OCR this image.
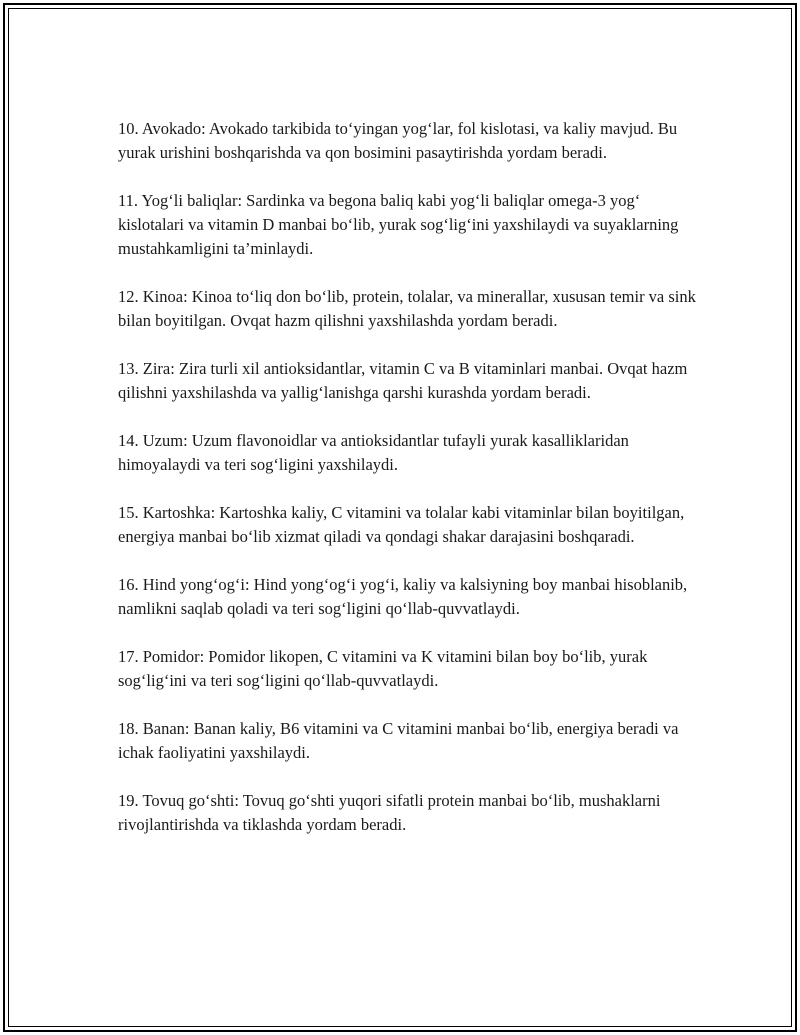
10. Avokado: Avokado tarkibida to‘yingan yog‘lar, fol kislotasi, va kaliy mavjud. Bu yurak urishini boshqarishda va qon bosimini pasaytirishda yordam beradi.

11. Yog‘li baliqlar: Sardinka va begona baliq kabi yog‘li baliqlar omega-3 yog‘ kislotalari va vitamin D manbai bo‘lib, yurak sog‘lig‘ini yaxshilaydi va suyaklarning mustahkamligini ta’minlaydi.

12. Kinoa: Kinoa to‘liq don bo‘lib, protein, tolalar, va minerallar, xususan temir va sink bilan boyitilgan. Ovqat hazm qilishni yaxshilashda yordam beradi.

13. Zira: Zira turli xil antioksidantlar, vitamin C va B vitaminlari manbai. Ovqat hazm qilishni yaxshilashda va yallig‘lanishga qarshi kurashda yordam beradi.

14. Uzum: Uzum flavonoidlar va antioksidantlar tufayli yurak kasalliklaridan himoyalaydi va teri sog‘ligini yaxshilaydi.

15. Kartoshka: Kartoshka kaliy, C vitamini va tolalar kabi vitaminlar bilan boyitilgan, energiya manbai bo‘lib xizmat qiladi va qondagi shakar darajasini boshqaradi.

16. Hind yong‘og‘i: Hind yong‘og‘i yog‘i, kaliy va kalsiyning boy manbai hisoblanib, namlikni saqlab qoladi va teri sog‘ligini qo‘llab-quvvatlaydi.

17. Pomidor: Pomidor likopen, C vitamini va K vitamini bilan boy bo‘lib, yurak sog‘lig‘ini va teri sog‘ligini qo‘llab-quvvatlaydi.

18. Banan: Banan kaliy, B6 vitamini va C vitamini manbai bo‘lib, energiya beradi va ichak faoliyatini yaxshilaydi.

19. Tovuq go‘shti: Tovuq go‘shti yuqori sifatli protein manbai bo‘lib, mushaklarni rivojlantirishda va tiklashda yordam beradi.
